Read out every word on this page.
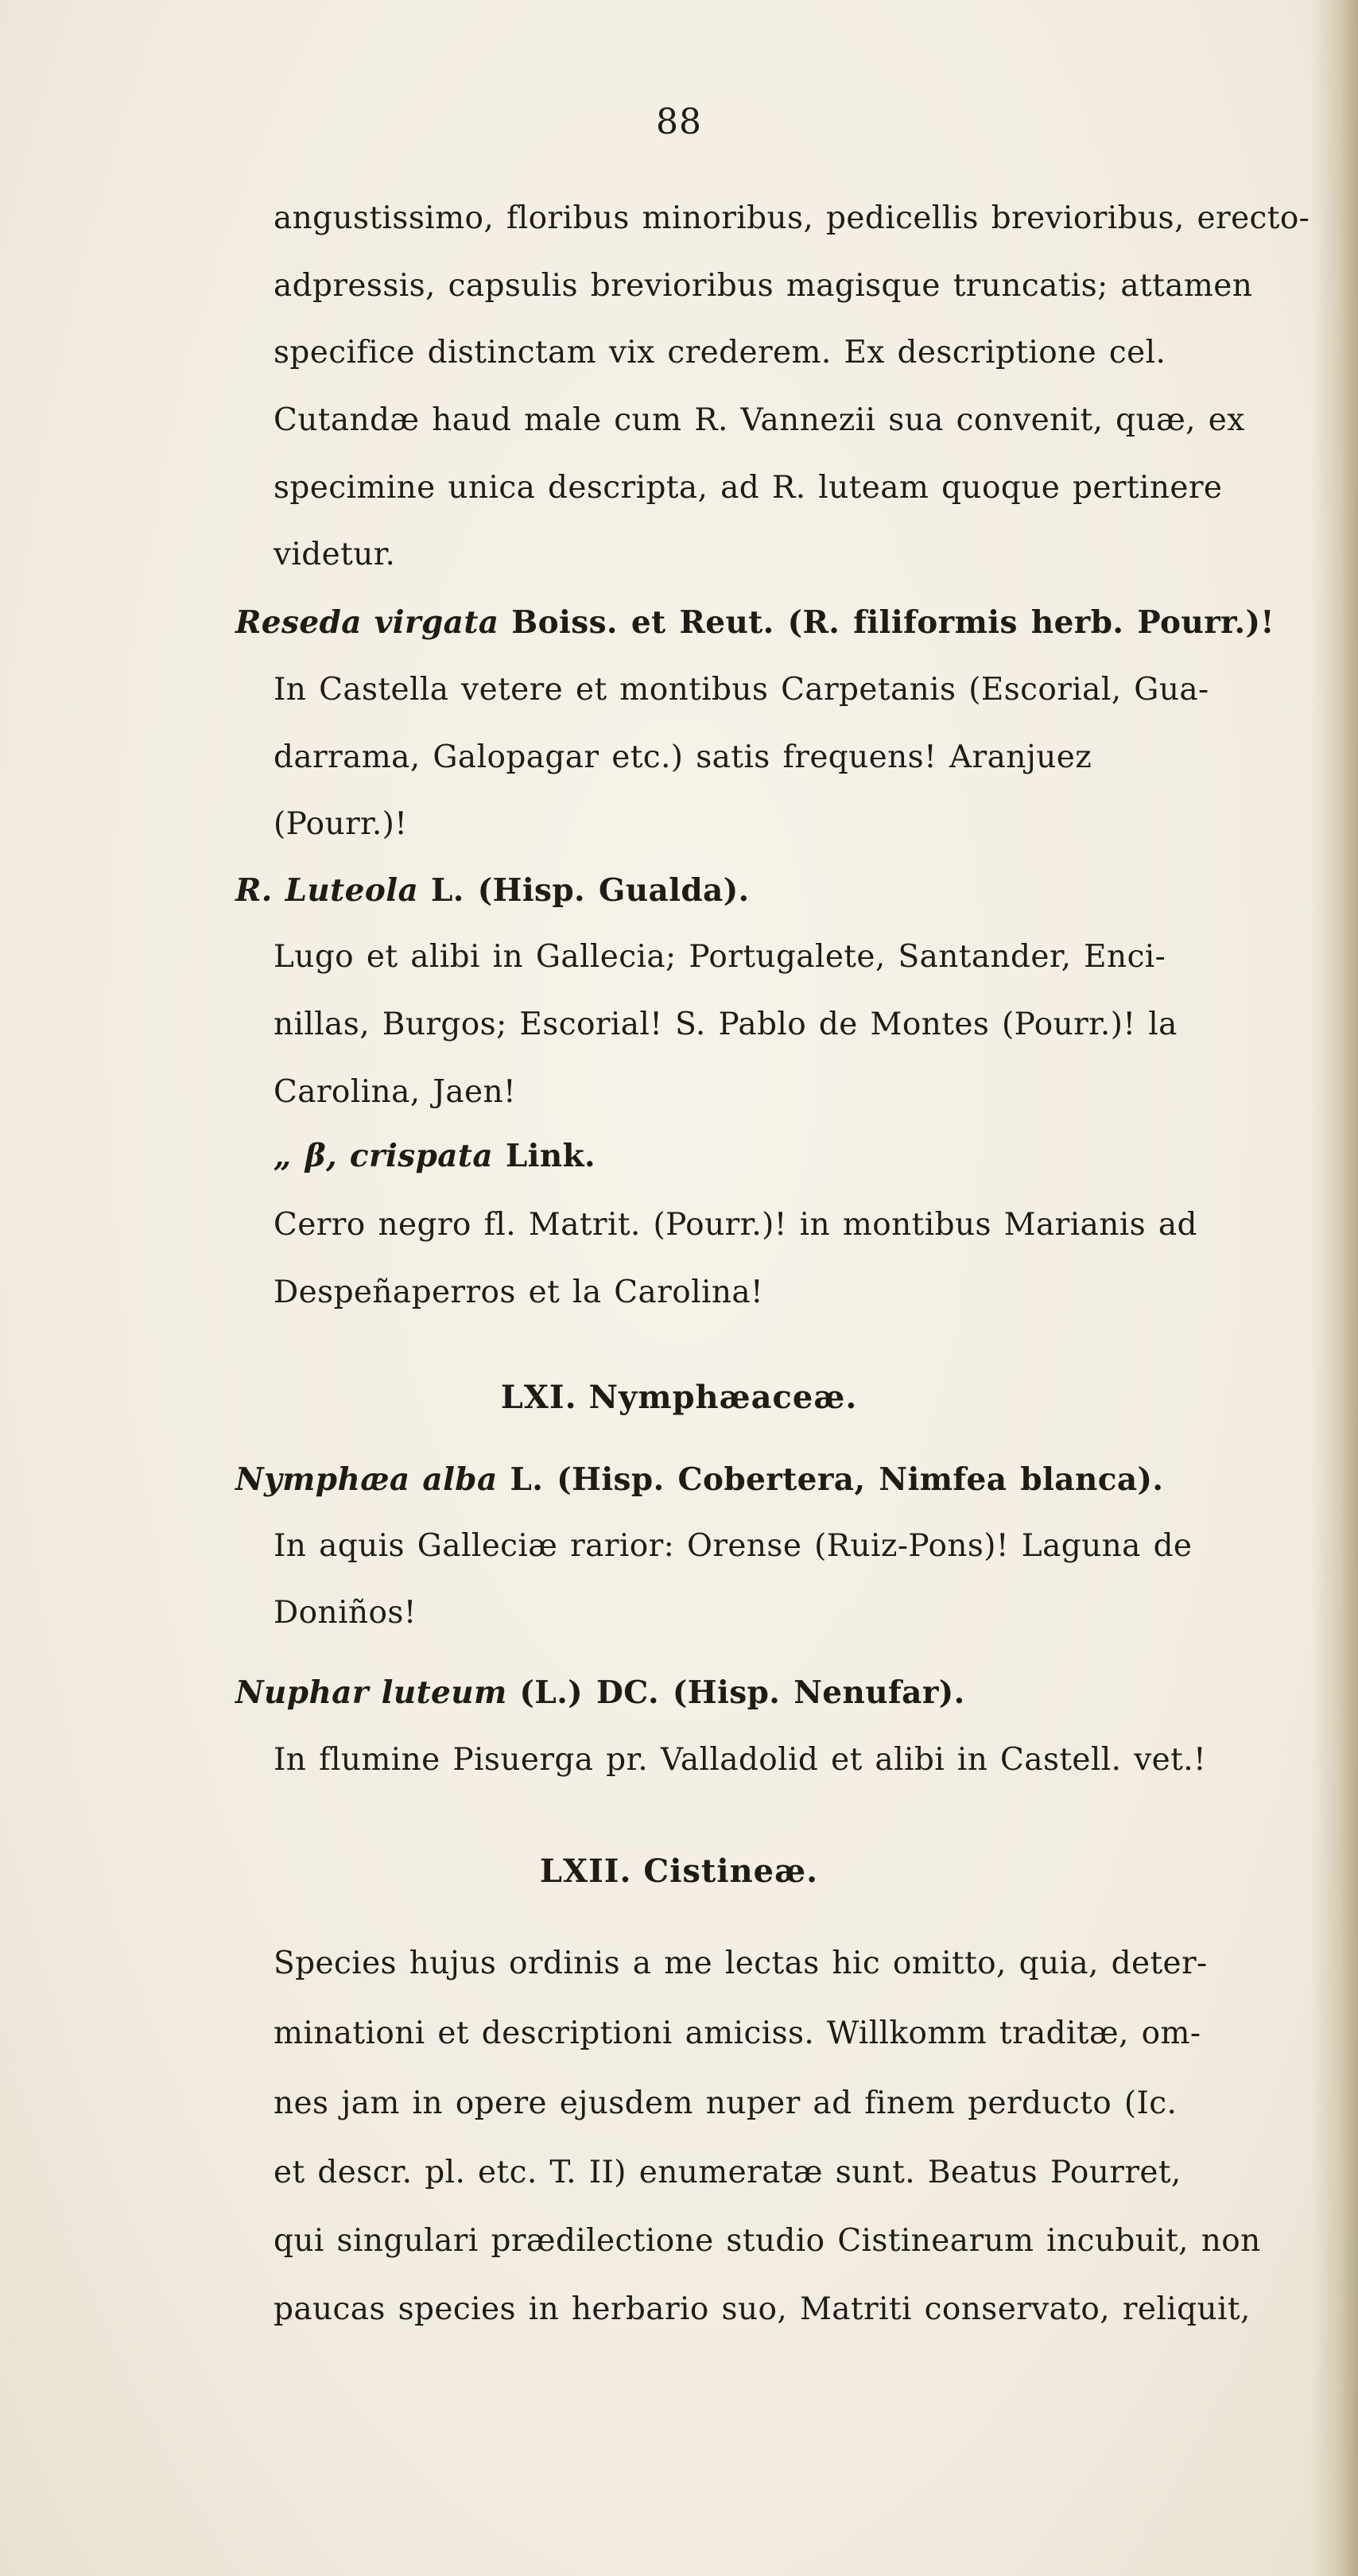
88
angustissimo, floribus minoribus, pedicellis brevioribus, erecto-
adpressis, capsulis brevioribus magisque truncatis; attamen
specifice distinctam vix crederem. Ex descriptione cel.
Cutandæ haud male cum R. Vannezii sua convenit, quæ, ex
specimine unica descripta, ad R. luteam quoque pertinere
videtur.
Reseda virgata Boiss. et Reut. (R. filiformis herb. Pourr.)!
In Castella vetere et montibus Carpetanis (Escorial, Gua-
darrama, Galopagar etc.) satis frequens! Aranjuez
(Pourr.)!
R. Luteola L. (Hisp. Gualda).
Lugo et alibi in Gallecia; Portugalete, Santander, Enci-
nillas, Burgos; Escorial! S. Pablo de Montes (Pourr.)! la
Carolina, Jaen!
„ β, crispata Link.
Cerro negro fl. Matrit. (Pourr.)! in montibus Marianis ad
Despeñaperros et la Carolina!
LXI. Nymphæaceæ.
Nymphæa alba L. (Hisp. Cobertera, Nimfea blanca).
In aquis Galleciæ rarior: Orense (Ruiz-Pons)! Laguna de
Doniños!
Nuphar luteum (L.) DC. (Hisp. Nenufar).
In flumine Pisuerga pr. Valladolid et alibi in Castell. vet.!
LXII. Cistineæ.
Species hujus ordinis a me lectas hic omitto, quia, deter-
minationi et descriptioni amiciss. Willkomm traditæ, om-
nes jam in opere ejusdem nuper ad finem perducto (Ic.
et descr. pl. etc. T. II) enumeratæ sunt. Beatus Pourret,
qui singulari prædilectione studio Cistinearum incubuit, non
paucas species in herbario suo, Matriti conservato, reliquit,
